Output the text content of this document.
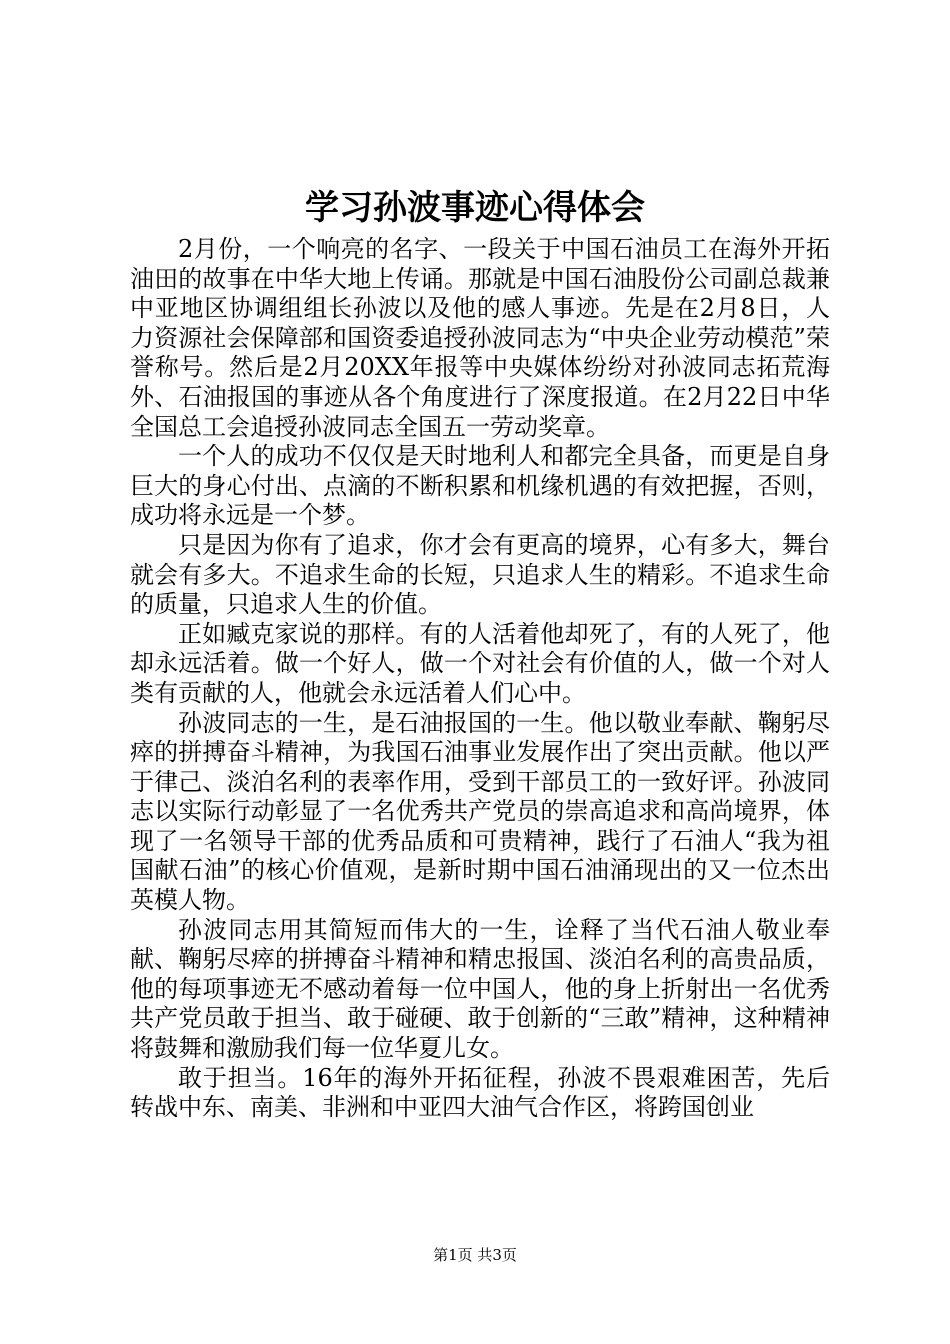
学习孙波事迹心得体会

2月份，一个响亮的名字、一段关于中国石油员工在海外开拓油田的故事在中华大地上传诵。那就是中国石油股份公司副总裁兼中亚地区协调组组长孙波以及他的感人事迹。先是在2月8日，人力资源社会保障部和国资委追授孙波同志为“中央企业劳动模范”荣誉称号。然后是2月20XX年报等中央媒体纷纷对孙波同志拓荒海外、石油报国的事迹从各个角度进行了深度报道。在2月22日中华全国总工会追授孙波同志全国五一劳动奖章。

一个人的成功不仅仅是天时地利人和都完全具备，而更是自身巨大的身心付出、点滴的不断积累和机缘机遇的有效把握，否则，成功将永远是一个梦。

只是因为你有了追求，你才会有更高的境界，心有多大，舞台就会有多大。不追求生命的长短，只追求人生的精彩。不追求生命的质量，只追求人生的价值。

正如臧克家说的那样。有的人活着他却死了，有的人死了，他却永远活着。做一个好人，做一个对社会有价值的人，做一个对人类有贡献的人，他就会永远活着人们心中。

孙波同志的一生，是石油报国的一生。他以敬业奉献、鞠躬尽瘁的拼搏奋斗精神，为我国石油事业发展作出了突出贡献。他以严于律己、淡泊名利的表率作用，受到干部员工的一致好评。孙波同志以实际行动彰显了一名优秀共产党员的崇高追求和高尚境界，体现了一名领导干部的优秀品质和可贵精神，践行了石油人“我为祖国献石油”的核心价值观，是新时期中国石油涌现出的又一位杰出英模人物。

孙波同志用其简短而伟大的一生，诠释了当代石油人敬业奉献、鞠躬尽瘁的拼搏奋斗精神和精忠报国、淡泊名利的高贵品质，他的每项事迹无不感动着每一位中国人，他的身上折射出一名优秀共产党员敢于担当、敢于碰硬、敢于创新的“三敢”精神，这种精神将鼓舞和激励我们每一位华夏儿女。

敢于担当。16年的海外开拓征程，孙波不畏艰难困苦，先后转战中东、南美、非洲和中亚四大油气合作区，将跨国创业

第1页 共3页
